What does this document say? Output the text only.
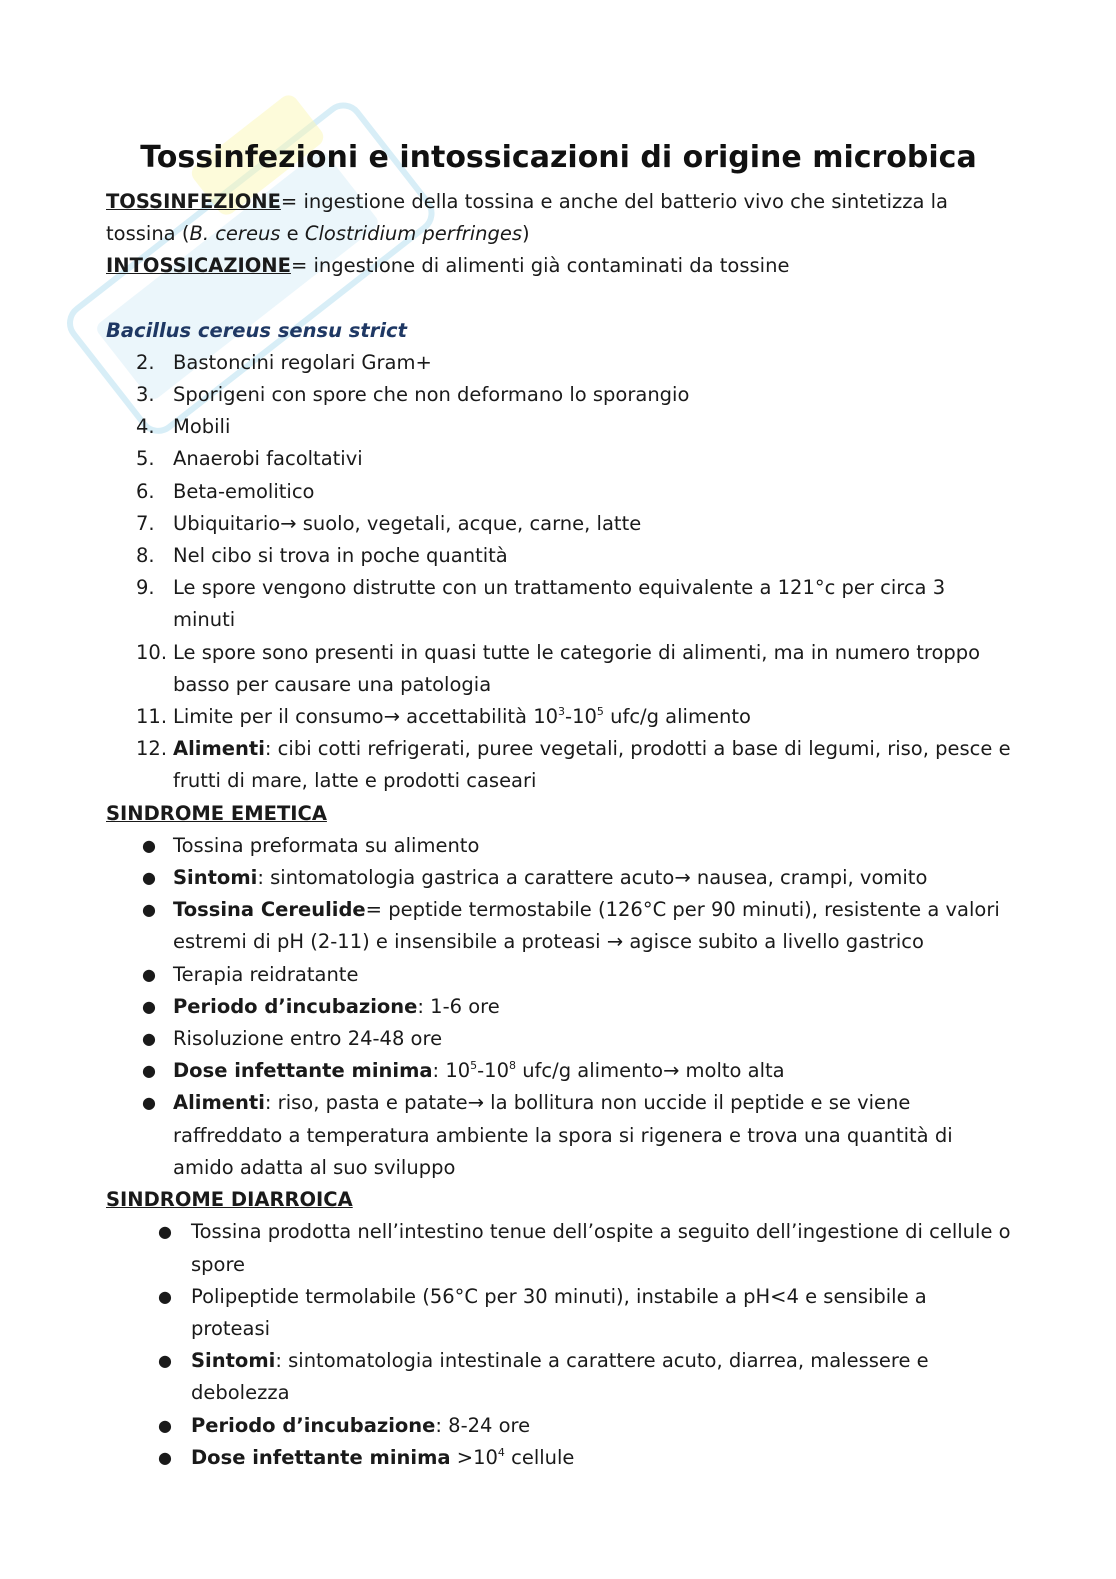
Tossinfezioni e intossicazioni di origine microbica

TOSSINFEZIONE= ingestione della tossina e anche del batterio vivo che sintetizza la

tossina (B. cereus e Clostridium perfringes)

INTOSSICAZIONE= ingestione di alimenti già contaminati da tossine

Bacillus cereus sensu strict
2. Bastoncini regolari Gram+
3. Sporigeni con spore che non deformano lo sporangio
4. Mobili
5. Anaerobi facoltativi
6. Beta-emolitico
7. Ubiquitario→ suolo, vegetali, acque, carne, latte
8. Nel cibo si trova in poche quantità
9. Le spore vengono distrutte con un trattamento equivalente a 121°c per circa 3 minuti
10. Le spore sono presenti in quasi tutte le categorie di alimenti, ma in numero troppo basso per causare una patologia
11. Limite per il consumo→ accettabilità $10^3-10^5$ ufc/g alimento
12. Alimenti: cibi cotti refrigerati, puree vegetali, prodotti a base di legumi, riso, pesce e frutti di mare, latte e prodotti caseari
SINDROME EMETICA
● Tossina preformata su alimento
● Sintomi: sintomatologia gastrica a carattere acuto→ nausea, crampi, vomito
● Tossina Cereulide= peptide termostabile (126°C per 90 minuti), resistente a valori estremi di pH (2-11) e insensibile a proteasi → agisce subito a livello gastrico
● Terapia reidratante
● Periodo d’incubazione: 1-6 ore
● Risoluzione entro 24-48 ore
● Dose infettante minima: $10^5-10^8$ ufc/g alimento→ molto alta
● Alimenti: riso, pasta e patate→ la bollitura non uccide il peptide e se viene raffreddato a temperatura ambiente la spora si rigenera e trova una quantità di amido adatta al suo sviluppo
SINDROME DIARROICA
● Tossina prodotta nell’intestino tenue dell’ospite a seguito dell’ingestione di cellule o spore
● Polipeptide termolabile (56°C per 30 minuti), instabile a pH<4 e sensibile a proteasi
● Sintomi: sintomatologia intestinale a carattere acuto, diarrea, malessere e debolezza
● Periodo d’incubazione: 8-24 ore
● Dose infettante minima $>10^4$ cellule
